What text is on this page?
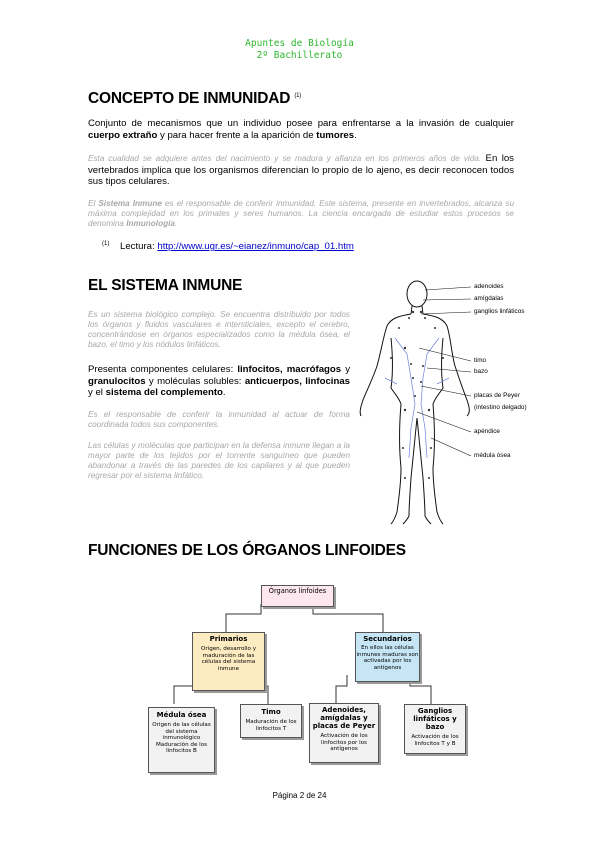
Apuntes de Biología
2º Bachillerato
CONCEPTO DE INMUNIDAD $^{(1)}$
Conjunto de mecanismos que un individuo posee para enfrentarse a la invasión de cualquier cuerpo extraño y para hacer frente a la aparición de tumores.
Esta cualidad se adquiere antes del nacimiento y se madura y afianza en los primeros años de vida. En los vertebrados implica que los organismos diferencian lo propio de lo ajeno, es decir reconocen todos sus tipos celulares.
El Sistema Inmune es el responsable de conferir inmunidad. Este sistema, presente en invertebrados, alcanza su máxima complejidad en los primates y seres humanos. La ciencia encargada de estudiar estos procesos se denomina Inmunología.
$^{(1)}$ Lectura: http://www.ugr.es/~eianez/inmuno/cap_01.htm
EL SISTEMA INMUNE
Es un sistema biológico complejo. Se encuentra distribuido por todos los órganos y fluidos vasculares e intersticiales, excepto el cerebro, concentrándose en órganos especializados como la médula ósea, el bazo, el timo y los nódulos linfáticos.
Presenta componentes celulares: linfocitos, macrófagos y granulocitos y moléculas solubles: anticuerpos, linfocinas y el sistema del complemento.
Es el responsable de conferir la inmunidad al actuar de forma coordinada todos sus componentes.
Las células y moléculas que participan en la defensa inmune llegan a la mayor parte de los tejidos por el torrente sanguíneo que pueden abandonar a través de las paredes de los capilares y al que pueden regresar por el sistema linfático.
adenoides
amígdalas
ganglios linfáticos
timo
bazo
placas de Peyer
(intestino delgado)
apéndice
médula ósea
FUNCIONES DE LOS ÓRGANOS LINFOIDES
Órganos linfoides
Primarios
Origen, desarrollo y maduración de las células del sistema inmune
Secundarios
En ellos las células inmunes maduras son activadas por los antígenos
Médula ósea
Origen de las células del sistema inmunológico Maduración de los linfocitos B
Timo
Maduración de los linfocitos T
Adenoides, amígdalas y placas de Peyer
Activación de los linfocitos por los antígenos
Ganglios linfáticos y bazo
Activación de los linfocitos T y B
Página 2 de 24
